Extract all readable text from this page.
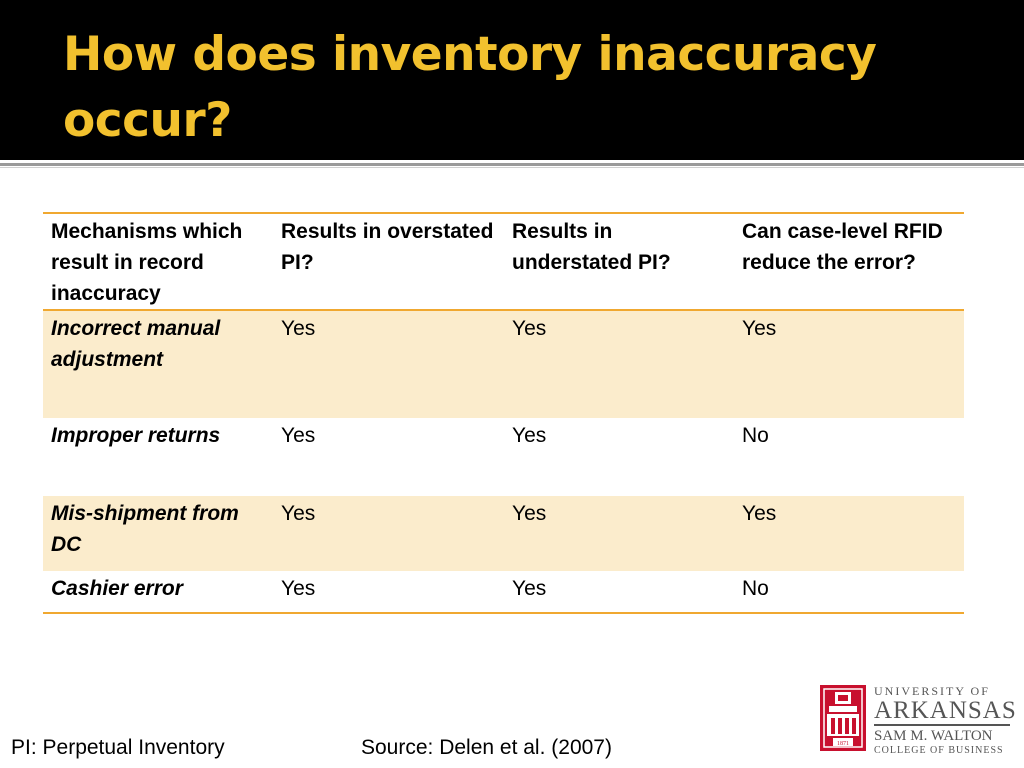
How does inventory inaccuracy occur?
Mechanisms which result in record inaccuracy	Results in overstated PI?	Results in understated PI?	Can case-level RFID reduce the error?
Incorrect manual adjustment	Yes	Yes	Yes
Improper returns	Yes	Yes	No
Mis-shipment from DC	Yes	Yes	Yes
Cashier error	Yes	Yes	No
PI: Perpetual Inventory	Source: Delen et al. (2007)	1871
UNIVERSITY OF
ARKANSAS
SAM M. WALTON
COLLEGE OF BUSINESS
